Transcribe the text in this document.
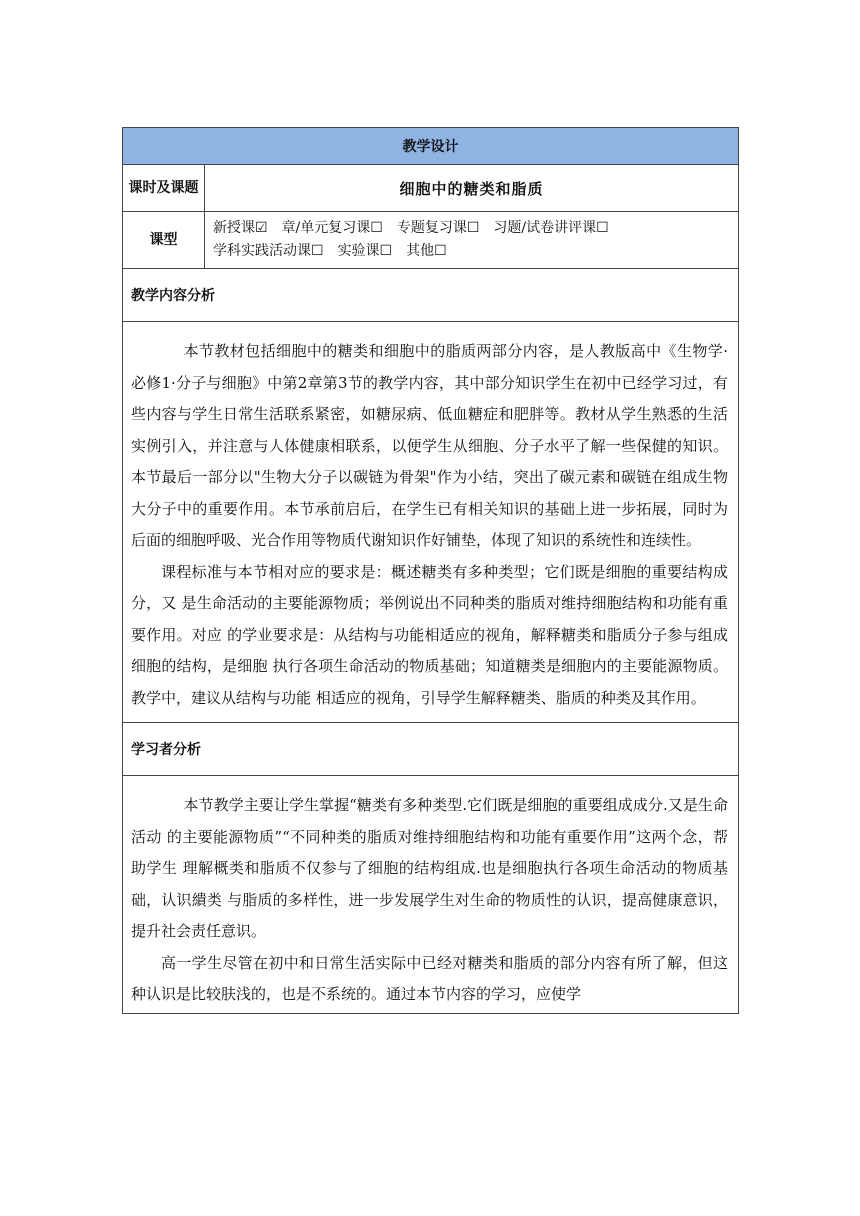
教学设计	
课时及课题	细胞中的糖类和脂质
课型	新授课☑ 章/单元复习课☐ 专题复习课☐ 习题/试卷讲评课☐学科实践活动课☐ 实验课☐ 其他☐
教学内容分析	

本节教材包括细胞中的糖类和细胞中的脂质两部分内容，是人教版高中《生物学·必修1·分子与细胞》中第2章第3节的教学内容，其中部分知识学生在初中已经学习过，有些内容与学生日常生活联系紧密，如糖尿病、低血糖症和肥胖等。教材从学生熟悉的生活实例引入，并注意与人体健康相联系，以便学生从细胞、分子水平了解一些保健的知识。本节最后一部分以"生物大分子以碳链为骨架"作为小结，突出了碳元素和碳链在组成生物大分子中的重要作用。本节承前启后，在学生已有相关知识的基础上进一步拓展，同时为后面的细胞呼吸、光合作用等物质代谢知识作好铺垫，体现了知识的系统性和连续性。

课程标准与本节相对应的要求是：概述糖类有多种类型；它们既是细胞的重要结构成分，又 是生命活动的主要能源物质；举例说出不同种类的脂质对维持细胞结构和功能有重要作用。对应 的学业要求是：从结构与功能相适应的视角，解释糖类和脂质分子参与组成细胞的结构，是细胞 执行各项生命活动的物质基础；知道糖类是细胞内的主要能源物质。教学中，建议从结构与功能 相适应的视角，引导学生解释糖类、脂质的种类及其作用。	

学习者分析	

本节教学主要让学生掌握“糖类有多种类型.它们既是细胞的重要组成成分.又是生命活动 的主要能源物质”“不同种类的脂质对维持细胞结构和功能有重要作用”这两个念，帮助学生 理解概类和脂质不仅参与了细胞的结构组成.也是细胞执行各项生命活动的物质基础，认识繢类 与脂质的多样性，进一步发展学生对生命的物质性的认识，提高健康意识，提升社会责任意识。

高一学生尽管在初中和日常生活实际中已经对糖类和脂质的部分内容有所了解，但这种认识是比较肤浅的，也是不系统的。通过本节内容的学习，应使学	
